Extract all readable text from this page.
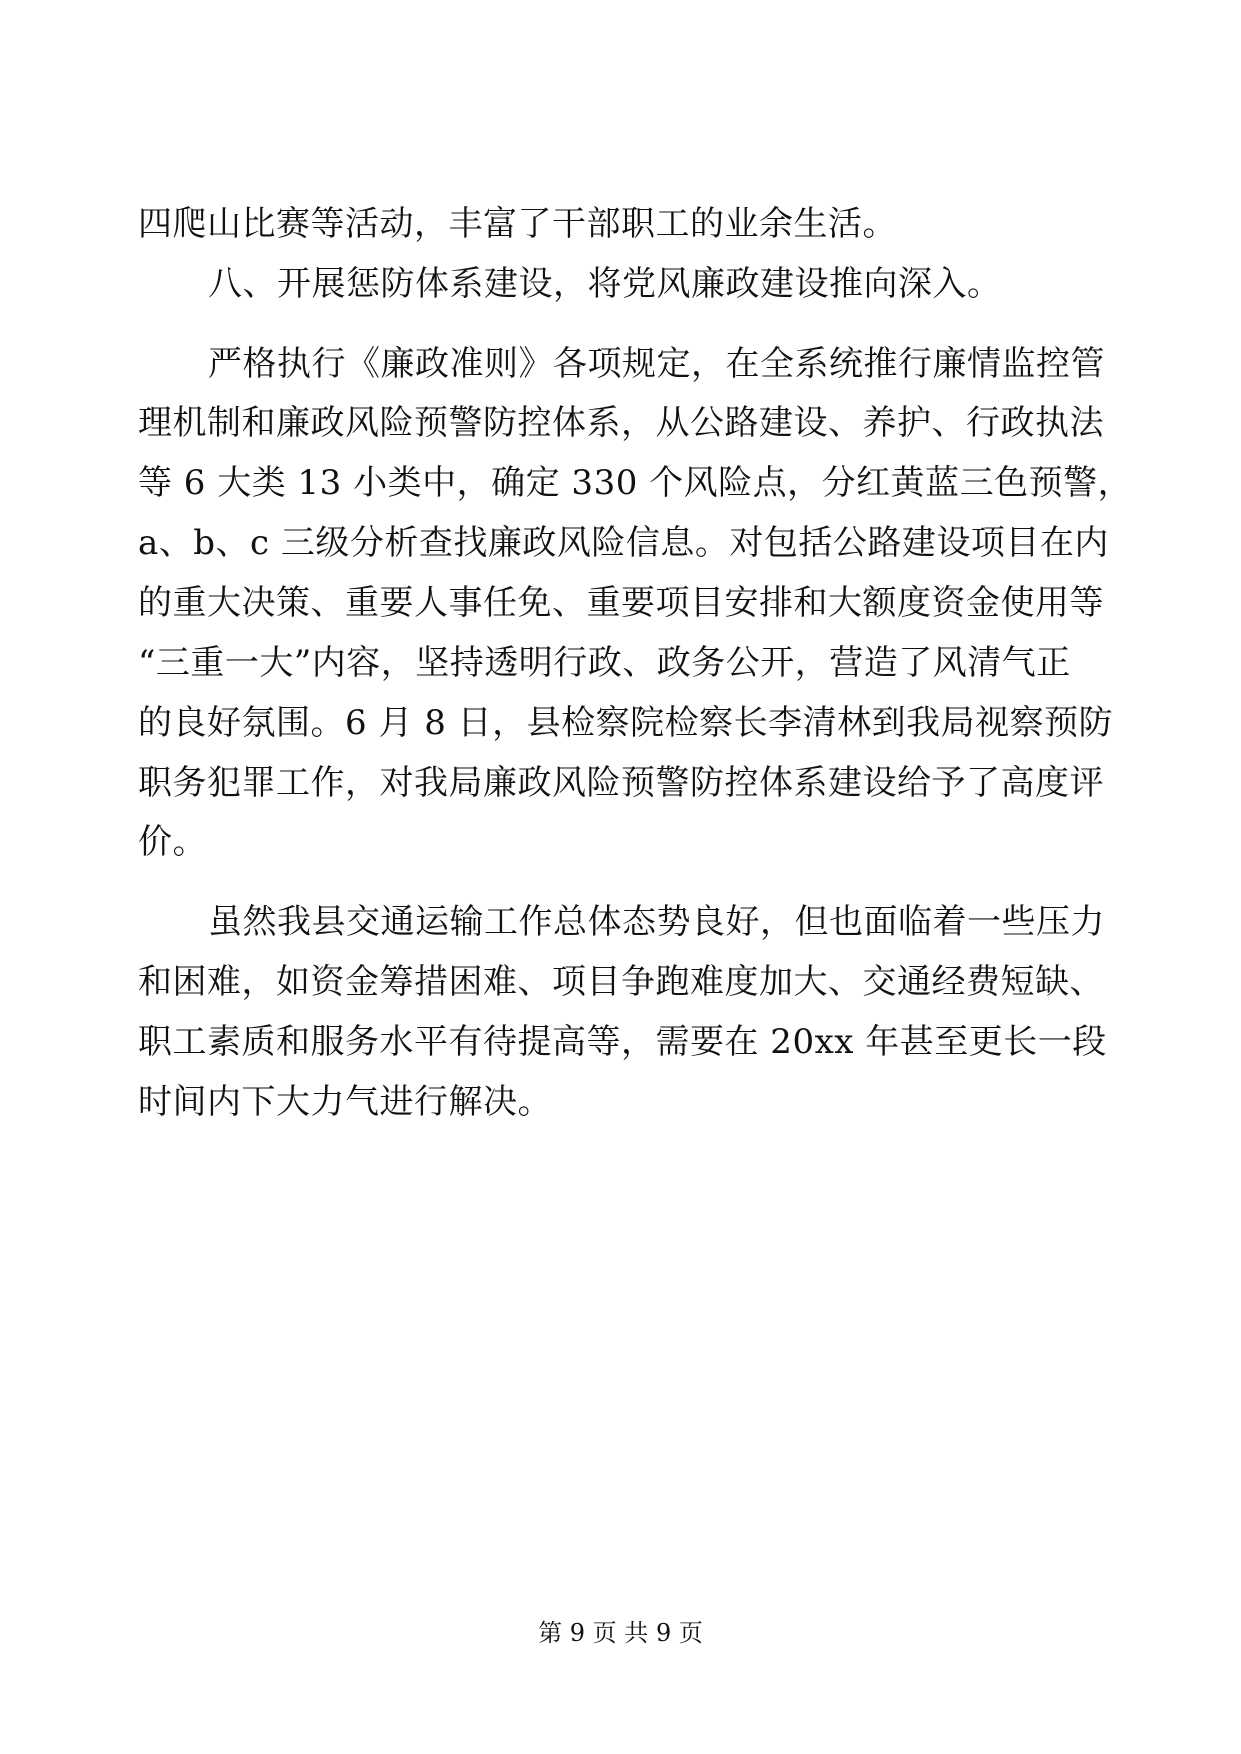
四爬山比赛等活动，丰富了干部职工的业余生活。
八、开展惩防体系建设，将党风廉政建设推向深入。
严格执行《廉政准则》各项规定，在全系统推行廉情监控管
理机制和廉政风险预警防控体系，从公路建设、养护、行政执法
等 6 大类 13 小类中，确定 330 个风险点，分红黄蓝三色预警，
a、b、c 三级分析查找廉政风险信息。对包括公路建设项目在内
的重大决策、重要人事任免、重要项目安排和大额度资金使用等
“三重一大”内容，坚持透明行政、政务公开，营造了风清气正
的良好氛围。6 月 8 日，县检察院检察长李清林到我局视察预防
职务犯罪工作，对我局廉政风险预警防控体系建设给予了高度评
价。
虽然我县交通运输工作总体态势良好，但也面临着一些压力
和困难，如资金筹措困难、项目争跑难度加大、交通经费短缺、
职工素质和服务水平有待提高等，需要在 20xx 年甚至更长一段
时间内下大力气进行解决。
第 9 页 共 9 页
